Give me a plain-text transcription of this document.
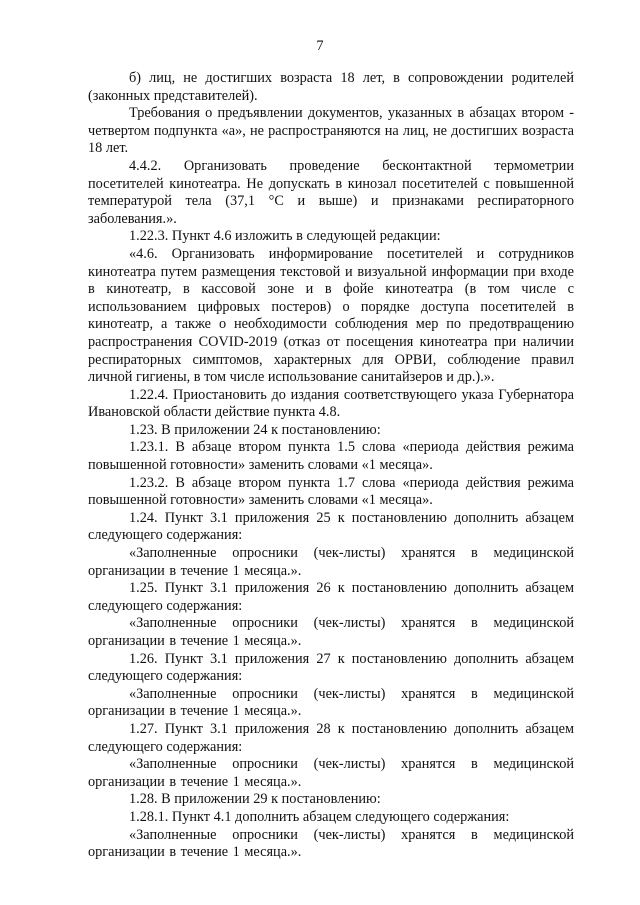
7

б) лиц, не достигших возраста 18 лет, в сопровождении родителей (законных представителей).

Требования о предъявлении документов, указанных в абзацах втором - четвертом подпункта «а», не распространяются на лиц, не достигших возраста 18 лет.

4.4.2. Организовать проведение бесконтактной термометрии посетителей кинотеатра. Не допускать в кинозал посетителей с повышенной температурой тела (37,1 °С и выше) и признаками респираторного заболевания.».

1.22.3. Пункт 4.6 изложить в следующей редакции:

«4.6. Организовать информирование посетителей и сотрудников кинотеатра путем размещения текстовой и визуальной информации при входе в кинотеатр, в кассовой зоне и в фойе кинотеатра (в том числе с использованием цифровых постеров) о порядке доступа посетителей в кинотеатр, а также о необходимости соблюдения мер по предотвращению распространения COVID-2019 (отказ от посещения кинотеатра при наличии респираторных симптомов, характерных для ОРВИ, соблюдение правил личной гигиены, в том числе использование санитайзеров и др.).».

1.22.4. Приостановить до издания соответствующего указа Губернатора Ивановской области действие пункта 4.8.

1.23. В приложении 24 к постановлению:

1.23.1. В абзаце втором пункта 1.5 слова «периода действия режима повышенной готовности» заменить словами «1 месяца».

1.23.2. В абзаце втором пункта 1.7 слова «периода действия режима повышенной готовности» заменить словами «1 месяца».

1.24. Пункт 3.1 приложения 25 к постановлению дополнить абзацем следующего содержания:

«Заполненные опросники (чек-листы) хранятся в медицинской организации в течение 1 месяца.».

1.25. Пункт 3.1 приложения 26 к постановлению дополнить абзацем следующего содержания:

«Заполненные опросники (чек-листы) хранятся в медицинской организации в течение 1 месяца.».

1.26. Пункт 3.1 приложения 27 к постановлению дополнить абзацем следующего содержания:

«Заполненные опросники (чек-листы) хранятся в медицинской организации в течение 1 месяца.».

1.27. Пункт 3.1 приложения 28 к постановлению дополнить абзацем следующего содержания:

«Заполненные опросники (чек-листы) хранятся в медицинской организации в течение 1 месяца.».

1.28. В приложении 29 к постановлению:

1.28.1. Пункт 4.1 дополнить абзацем следующего содержания:

«Заполненные опросники (чек-листы) хранятся в медицинской организации в течение 1 месяца.».
